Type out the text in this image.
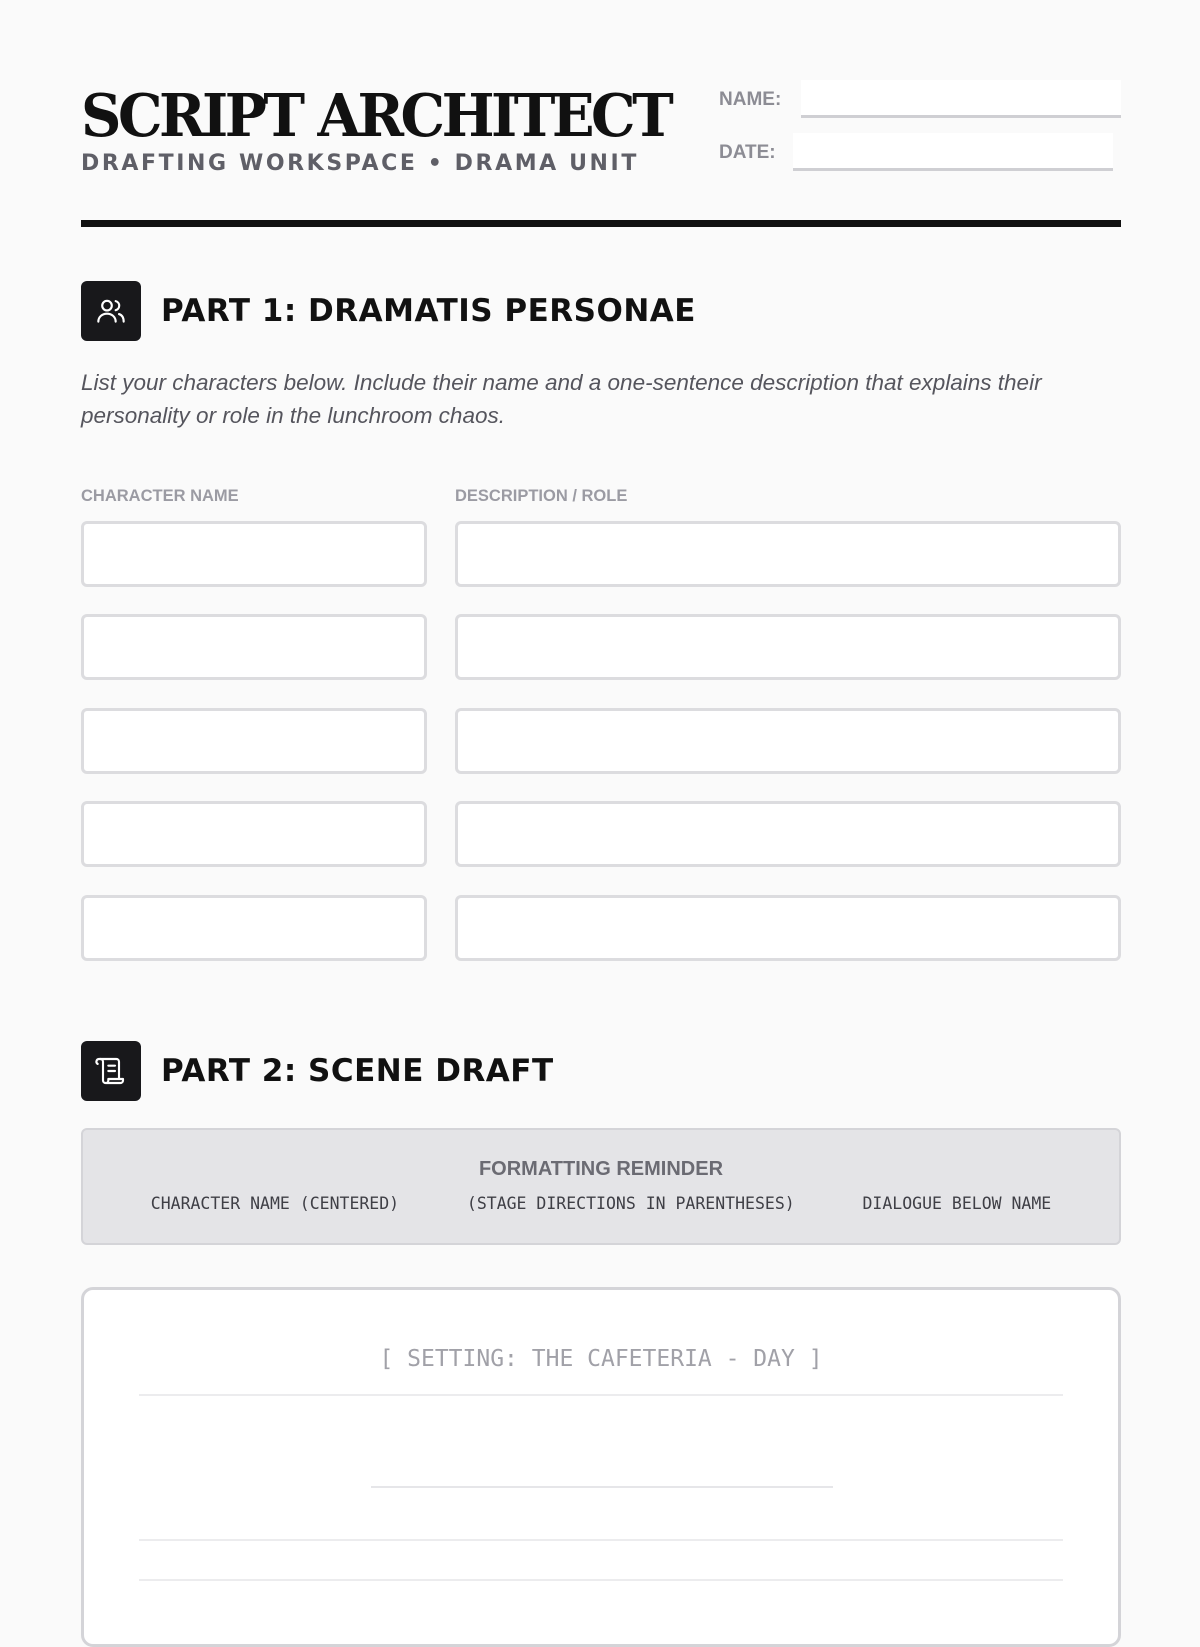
SCRIPT ARCHITECT
DRAFTING WORKSPACE • DRAMA UNIT
NAME:
DATE:
PART 1: DRAMATIS PERSONAE
List your characters below. Include their name and a one-sentence description that explains their personality or role in the lunchroom chaos.
CHARACTER NAME	DESCRIPTION / ROLE
PART 2: SCENE DRAFT
FORMATTING REMINDER
CHARACTER NAME (CENTERED)	(STAGE DIRECTIONS IN PARENTHESES)	DIALOGUE BELOW NAME
[ SETTING: THE CAFETERIA - DAY ]
